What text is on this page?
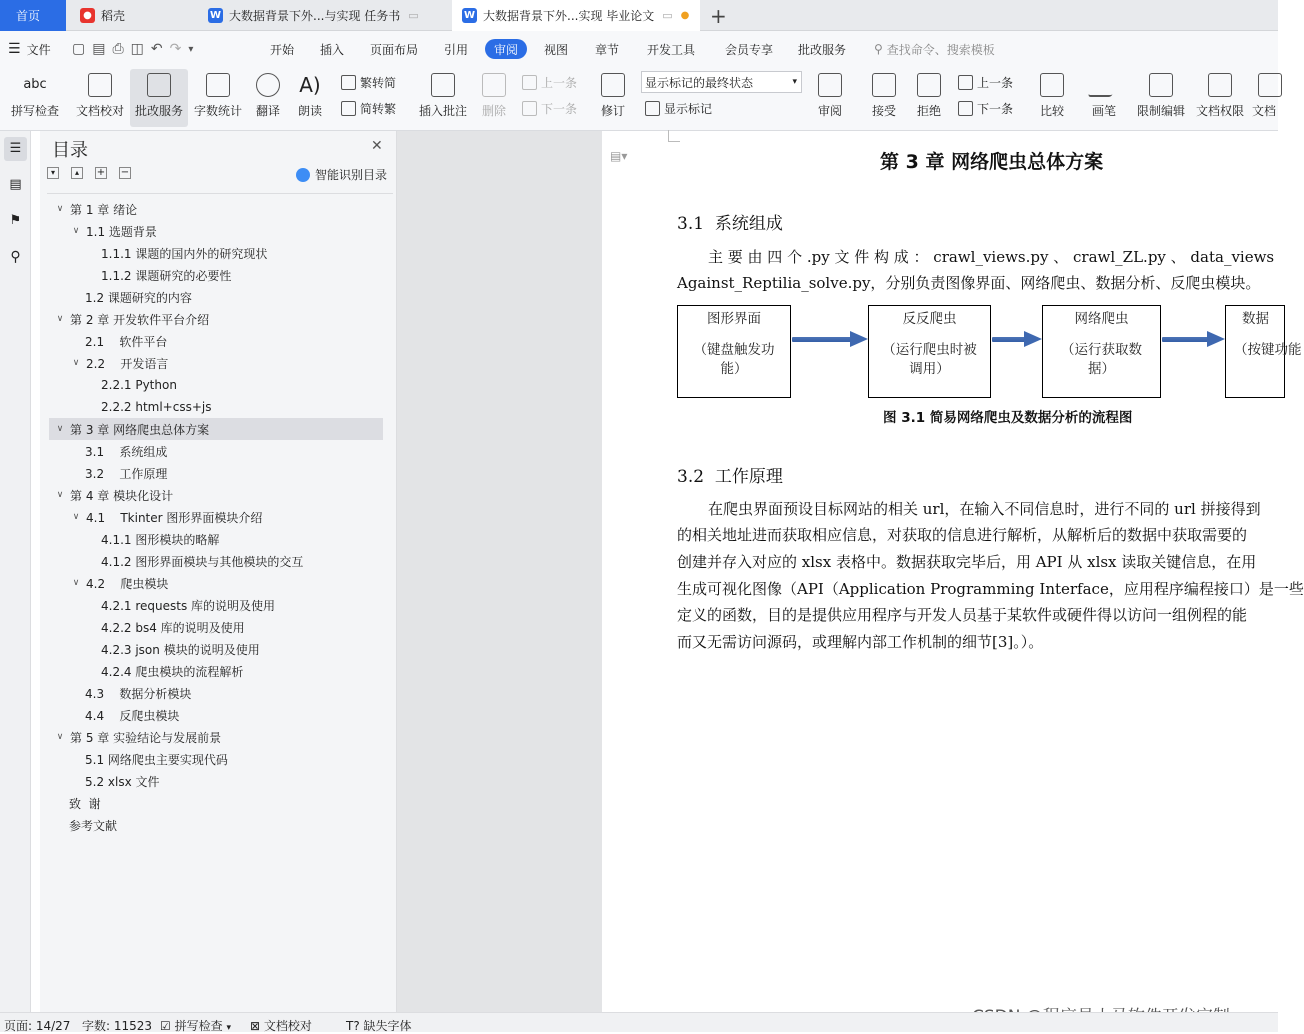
首页	● 稻壳	W 大数据背景下外...与实现 任务书 ▭	W 大数据背景下外...实现 毕业论文 ▭ ● +
☰ 文件 ▢ ▤ ⎙ ◫ ↶ ↷ ▾	开始 插入 页面布局 引用 审阅 视图 章节 开发工具 会员专享 批改服务 ⚲ 查找命令、搜索模板
abc
拼写检查 文档校对 批改服务 字数统计 翻译
A)
朗读
繁转简
简转繁 插入批注 删除
上一条
下一条 修订
显示标记的最终状态	▾
显示标记	审阅 接受 拒绝
上一条
下一条 比较 画笔 限制编辑 文档权限 文档
☰
▤
⚑
⚲
目录	✕
▾	▴	+ −	智能识别目录
∨ 第 1 章 绪论
∨ 1.1 选题背景
1.1.1 课题的国内外的研究现状
1.1.2 课题研究的必要性
1.2 课题研究的内容
∨ 第 2 章 开发软件平台介绍
2.1    软件平台
∨ 2.2    开发语言
2.2.1 Python
2.2.2 html+css+js
∨ 第 3 章 网络爬虫总体方案
3.1    系统组成
3.2    工作原理
∨ 第 4 章 模块化设计
∨ 4.1    Tkinter 图形界面模块介绍
4.1.1 图形模块的略解
4.1.2 图形界面模块与其他模块的交互
∨ 4.2    爬虫模块
4.2.1 requests 库的说明及使用
4.2.2 bs4 库的说明及使用
4.2.3 json 模块的说明及使用
4.2.4 爬虫模块的流程解析
4.3    数据分析模块
4.4    反爬虫模块
∨ 第 5 章 实验结论与发展前景
5.1 网络爬虫主要实现代码
5.2 xlsx 文件
致  谢
参考文献
▤▾	第 3 章 网络爬虫总体方案
3.1  系统组成
主 要 由 四 个 .py 文 件 构 成 ： crawl_views.py 、 crawl_ZL.py 、 data_views
Against_Reptilia_solve.py，分别负责图像界面、网络爬虫、数据分析、反爬虫模块。
图形界面
（键盘触发功能）
反反爬虫
（运行爬虫时被调用）
网络爬虫
（运行获取数据）
数据
（按键功能
图 3.1 简易网络爬虫及数据分析的流程图
3.2  工作原理
在爬虫界面预设目标网站的相关 url，在输入不同信息时，进行不同的 url 拼接得到
的相关地址进而获取相应信息，对获取的信息进行解析，从解析后的数据中获取需要的
创建并存入对应的 xlsx 表格中。数据获取完毕后，用 API 从 xlsx 读取关键信息，在用
生成可视化图像（API（Application Programming Interface，应用程序编程接口）是一些
定义的函数，目的是提供应用程序与开发人员基于某软件或硬件得以访问一组例程的能
而又无需访问源码，或理解内部工作机制的细节[3]。）。
页面: 14/27 字数: 11523 ☑ 拼写检查 ▾ ⊠ 文档校对	T? 缺失字体
